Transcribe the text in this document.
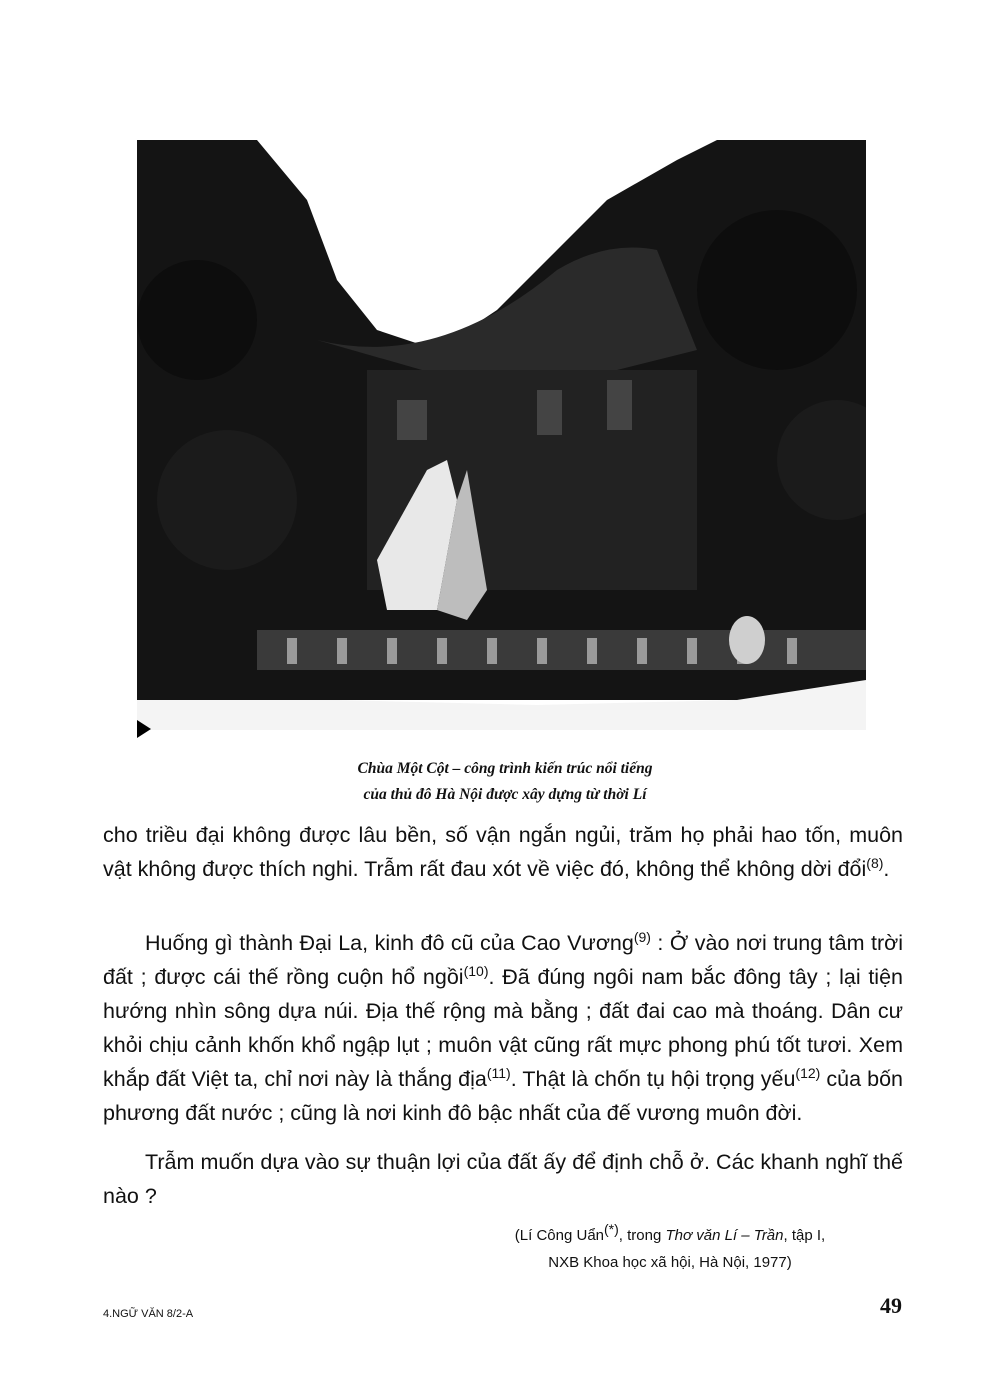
Chùa Một Cột – công trình kiến trúc nổi tiếng
của thủ đô Hà Nội được xây dựng từ thời Lí
cho triều đại không được lâu bền, số vận ngắn ngủi, trăm họ phải hao tốn, muôn vật không được thích nghi. Trẫm rất đau xót về việc đó, không thể không dời đổi$^{(8)}$.
Huống gì thành Đại La, kinh đô cũ của Cao Vương$^{(9)}$ : Ở vào nơi trung tâm trời đất ; được cái thế rồng cuộn hổ ngồi$^{(10)}$. Đã đúng ngôi nam bắc đông tây ; lại tiện hướng nhìn sông dựa núi. Địa thế rộng mà bằng ; đất đai cao mà thoáng. Dân cư khỏi chịu cảnh khốn khổ ngập lụt ; muôn vật cũng rất mực phong phú tốt tươi. Xem khắp đất Việt ta, chỉ nơi này là thắng địa$^{(11)}$. Thật là chốn tụ hội trọng yếu$^{(12)}$ của bốn phương đất nước ; cũng là nơi kinh đô bậc nhất của đế vương muôn đời.
Trẫm muốn dựa vào sự thuận lợi của đất ấy để định chỗ ở. Các khanh nghĩ thế nào ?
(Lí Công Uẩn(*), trong Thơ văn Lí – Trần, tập I,
NXB Khoa học xã hội, Hà Nội, 1977)
4.NGỮ VĂN 8/2-A	49
